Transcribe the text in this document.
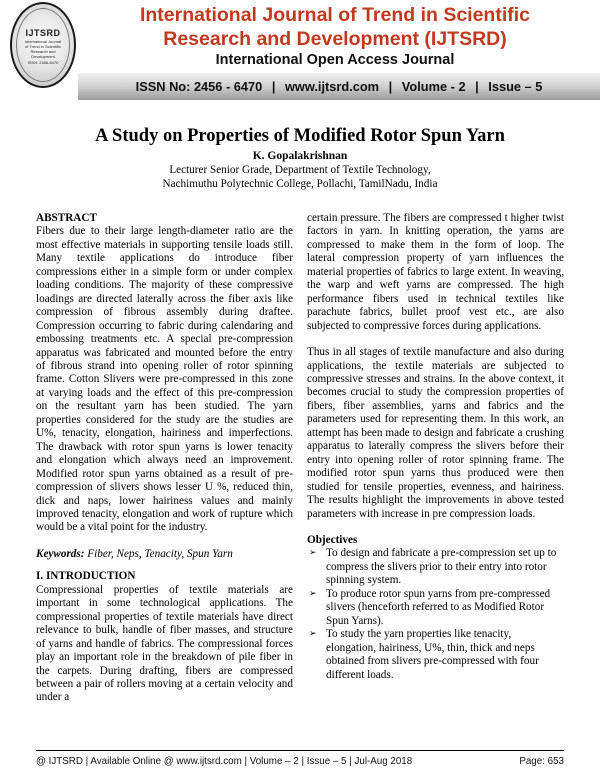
IJTSRD
International Journal of Trend in Scientific Research and Development
ISSN: 2456-6470
International Journal of Trend in Scientific
Research and Development (IJTSRD)
International Open Access Journal
ISSN No: 2456 - 6470 | www.ijtsrd.com | Volume - 2 | Issue – 5
A Study on Properties of Modified Rotor Spun Yarn
K. Gopalakrishnan
Lecturer Senior Grade, Department of Textile Technology,
Nachimuthu Polytechnic College, Pollachi, TamilNadu, India

ABSTRACT

Fibers due to their large length-diameter ratio are the most effective materials in supporting tensile loads still. Many textile applications do introduce fiber compressions either in a simple form or under complex loading conditions. The majority of these compressive loadings are directed laterally across the fiber axis like compression of fibrous assembly during draftee. Compression occurring to fabric during calendaring and embossing treatments etc. A special pre-compression apparatus was fabricated and mounted before the entry of fibrous strand into opening roller of rotor spinning frame. Cotton Slivers were pre-compressed in this zone at varying loads and the effect of this pre-compression on the resultant yarn has been studied. The yarn properties considered for the study are the studies are U%, tenacity, elongation, hairiness and imperfections. The drawback with rotor spun yarns is lower tenacity and elongation which always need an improvement. Modified rotor spun yarns obtained as a result of pre-compression of slivers shows lesser U %, reduced thin, dick and naps, lower hairiness values and mainly improved tenacity, elongation and work of rupture which would be a vital point for the industry.

Keywords: Fiber, Neps, Tenacity, Spun Yarn

I. INTRODUCTION

Compressional properties of textile materials are important in some technological applications. The compressional properties of textile materials have direct relevance to bulk, handle of fiber masses, and structure of yarns and handle of fabrics. The compressional forces play an important role in the breakdown of pile fiber in the carpets. During drafting, fibers are compressed between a pair of rollers moving at a certain velocity and under a

certain pressure. The fibers are compressed t higher twist factors in yarn. In knitting operation, the yarns are compressed to make them in the form of loop. The lateral compression property of yarn influences the material properties of fabrics to large extent. In weaving, the warp and weft yarns are compressed. The high performance fibers used in technical textiles like parachute fabrics, bullet proof vest etc., are also subjected to compressive forces during applications.

Thus in all stages of textile manufacture and also during applications, the textile materials are subjected to compressive stresses and strains. In the above context, it becomes crucial to study the compression properties of fibers, fiber assemblies, yarns and fabrics and the parameters used for representing them. In this work, an attempt has been made to design and fabricate a crushing apparatus to laterally compress the slivers before their entry into opening roller of rotor spinning frame. The modified rotor spun yarns thus produced were then studied for tensile properties, evenness, and hairiness. The results highlight the improvements in above tested parameters with increase in pre compression loads.

Objectives

➢ To design and fabricate a pre-compression set up to compress the slivers prior to their entry into rotor spinning system.
➢ To produce rotor spun yarns from pre-compressed slivers (henceforth referred to as Modified Rotor Spun Yarns).
➢ To study the yarn properties like tenacity, elongation, hairiness, U%, thin, thick and neps obtained from slivers pre-compressed with four different loads.
@ IJTSRD | Available Online @ www.ijtsrd.com | Volume – 2 | Issue – 5 | Jul-Aug 2018	Page: 653
